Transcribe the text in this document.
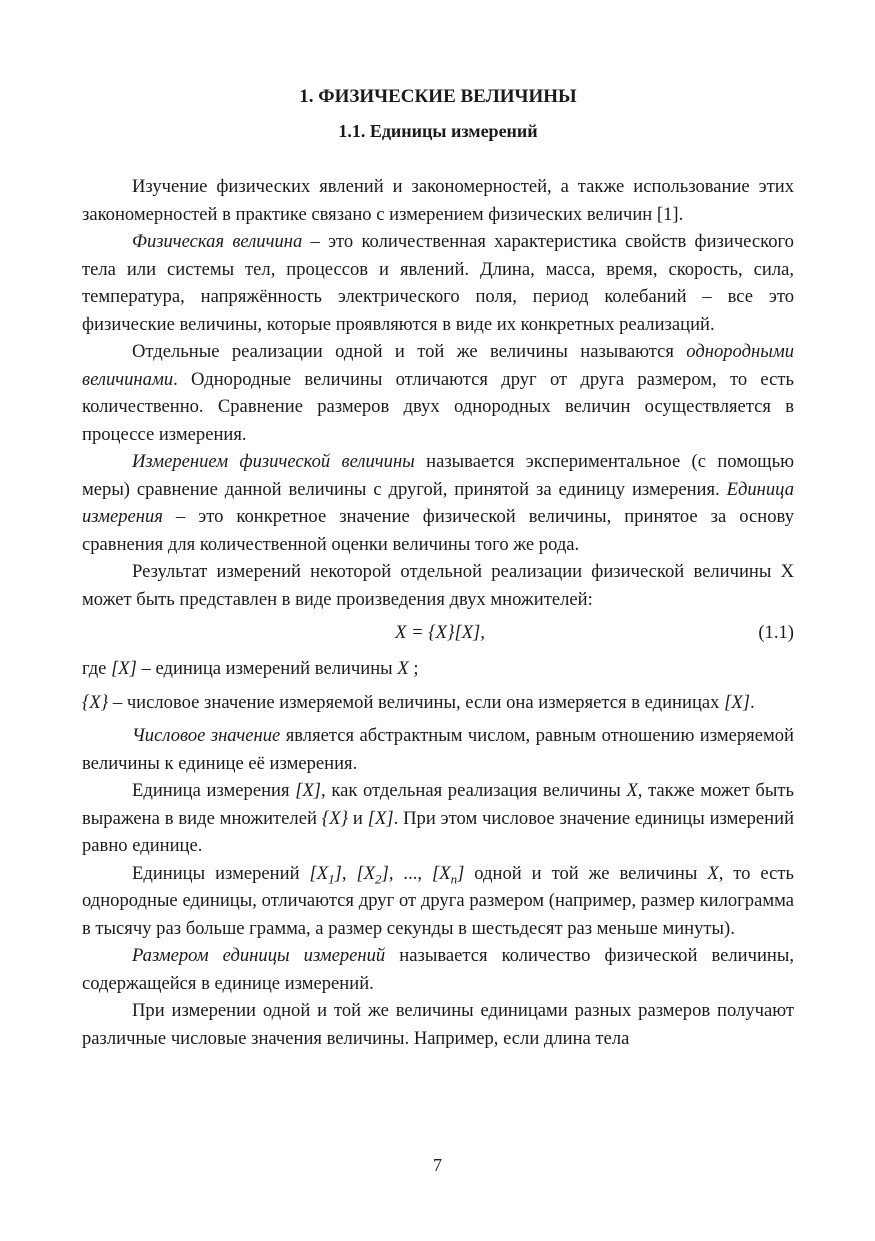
1. ФИЗИЧЕСКИЕ ВЕЛИЧИНЫ
1.1. Единицы измерений

Изучение физических явлений и закономерностей, а также использование этих закономерностей в практике связано с измерением физических величин [1].

Физическая величина – это количественная характеристика свойств физического тела или системы тел, процессов и явлений. Длина, масса, время, скорость, сила, температура, напряжённость электрического поля, период колебаний – все это физические величины, которые проявляются в виде их конкретных реализаций.

Отдельные реализации одной и той же величины называются однородными величинами. Однородные величины отличаются друг от друга размером, то есть количественно. Сравнение размеров двух однородных величин осуществляется в процессе измерения.

Измерением физической величины называется экспериментальное (с помощью меры) сравнение данной величины с другой, принятой за единицу измерения. Единица измерения – это конкретное значение физической величины, принятое за основу сравнения для количественной оценки величины того же рода.

Результат измерений некоторой отдельной реализации физической величины Х может быть представлен в виде произведения двух множителей:

X = {X}[X],	(1.1)

где [X] – единица измерений величины X ;

{X} – числовое значение измеряемой величины, если она измеряется в единицах [X].

Числовое значение является абстрактным числом, равным отношению измеряемой величины к единице её измерения.

Единица измерения [X], как отдельная реализация величины X, также может быть выражена в виде множителей {X} и [X]. При этом числовое значение единицы измерений равно единице.

Единицы измерений $[X_1]$, $[X_2]$, ..., $[X_n]$ одной и той же величины X, то есть однородные единицы, отличаются друг от друга размером (например, размер килограмма в тысячу раз больше грамма, а размер секунды в шестьдесят раз меньше минуты).

Размером единицы измерений называется количество физической величины, содержащейся в единице измерений.

При измерении одной и той же величины единицами разных размеров получают различные числовые значения величины. Например, если длина тела

7
